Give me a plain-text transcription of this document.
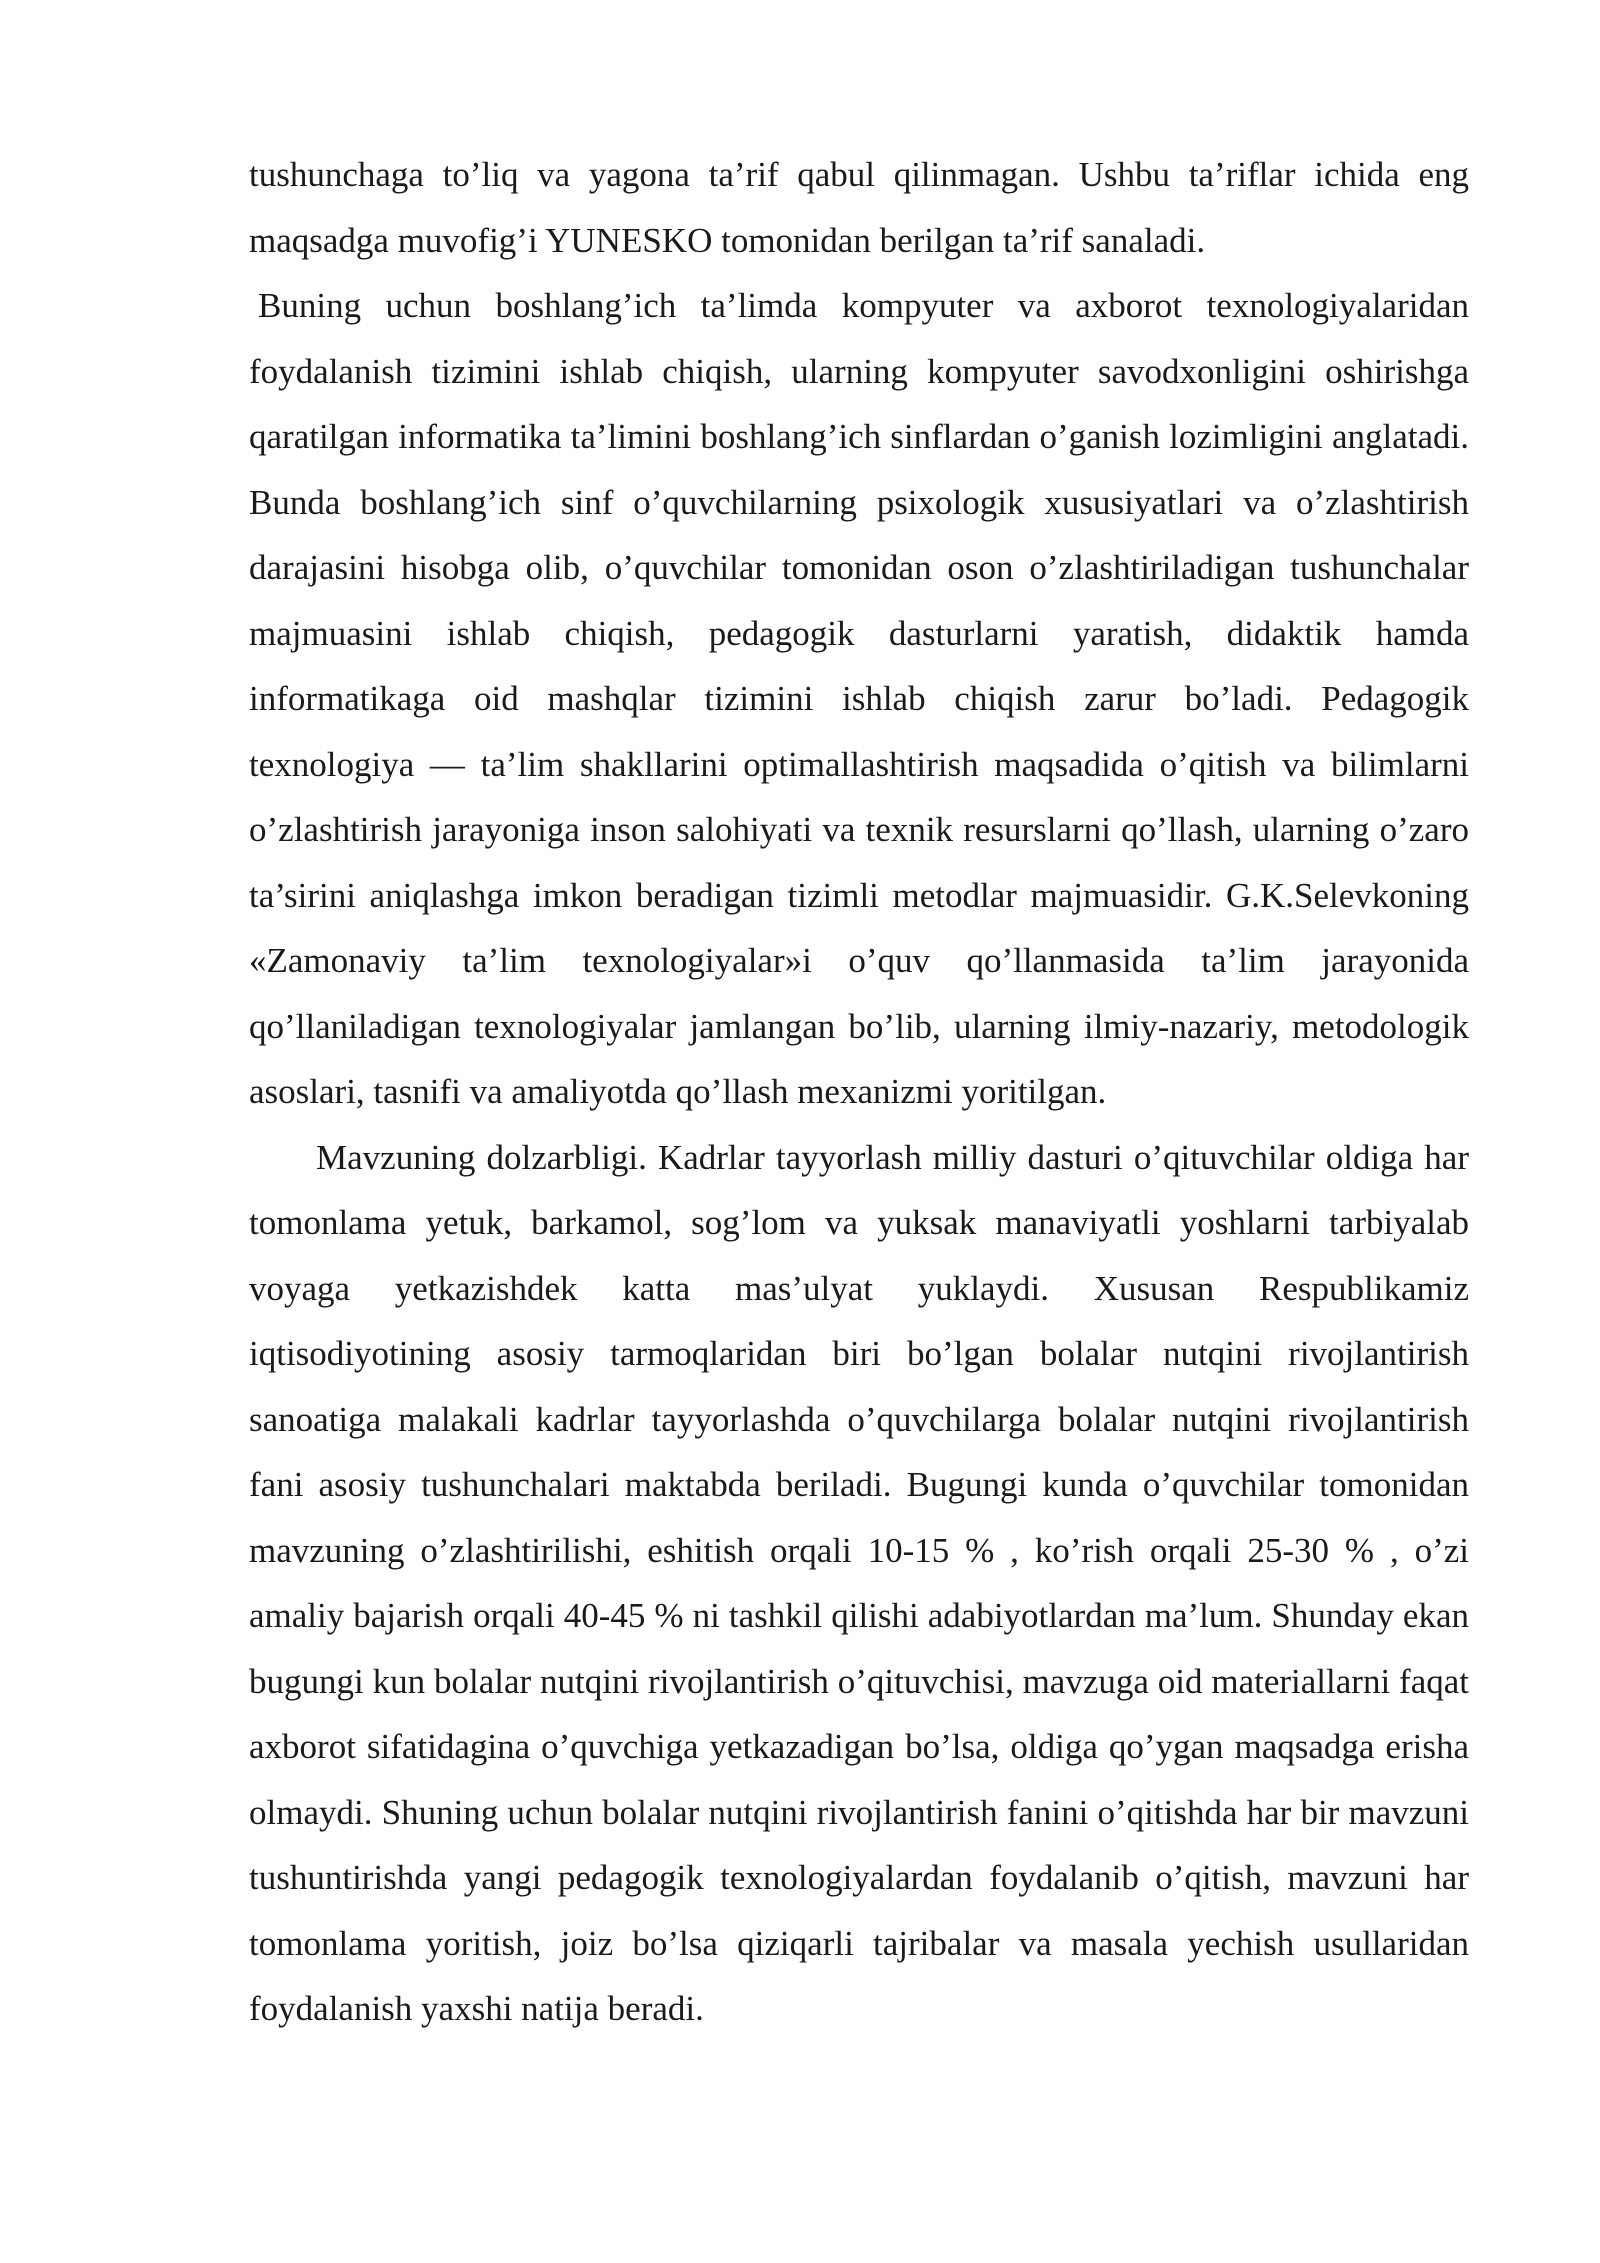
tushunchaga to’liq va yagona ta’rif qabul qilinmagan. Ushbu ta’riflar ichida eng maqsadga muvofig’i YUNESKO tomonidan berilgan ta’rif sanaladi.

Buning uchun boshlang’ich ta’limda kompyuter va axborot texnologiyalaridan foydalanish tizimini ishlab chiqish, ularning kompyuter savodxonligini oshirishga qaratilgan informatika ta’limini boshlang’ich sinflardan o’ganish lozimligini anglatadi. Bunda boshlang’ich sinf o’quvchilarning psixologik xususiyatlari va o’zlashtirish darajasini hisobga olib, o’quvchilar tomonidan oson o’zlashtiriladigan tushunchalar majmuasini ishlab chiqish, pedagogik dasturlarni yaratish, didaktik hamda informatikaga oid mashqlar tizimini ishlab chiqish zarur bo’ladi. Pedagogik texnologiya — ta’lim shakllarini optimallashtirish maqsadida o’qitish va bilimlarni o’zlashtirish jarayoniga inson salohiyati va texnik resurslarni qo’llash, ularning o’zaro ta’sirini aniqlashga imkon beradigan tizimli metodlar majmuasidir. G.K.Selevkoning «Zamonaviy ta’lim texnologiyalar»i o’quv qo’llanmasida ta’lim jarayonida qo’llaniladigan texnologiyalar jamlangan bo’lib, ularning ilmiy-nazariy, metodologik asoslari, tasnifi va amaliyotda qo’llash mexanizmi yoritilgan.

Mavzuning dolzarbligi. Kadrlar tayyorlash milliy dasturi o’qituvchilar oldiga har tomonlama yetuk, barkamol, sog’lom va yuksak manaviyatli yoshlarni tarbiyalab voyaga yetkazishdek katta mas’ulyat yuklaydi. Xususan Respublikamiz iqtisodiyotining asosiy tarmoqlaridan biri bo’lgan bolalar nutqini rivojlantirish sanoatiga malakali kadrlar tayyorlashda o’quvchilarga bolalar nutqini rivojlantirish fani asosiy tushunchalari maktabda beriladi. Bugungi kunda o’quvchilar tomonidan mavzuning o’zlashtirilishi, eshitish orqali 10-15 % , ko’rish orqali 25-30 % , o’zi amaliy bajarish orqali 40-45 % ni tashkil qilishi adabiyotlardan ma’lum. Shunday ekan bugungi kun bolalar nutqini rivojlantirish o’qituvchisi, mavzuga oid materiallarni faqat axborot sifatidagina o’quvchiga yetkazadigan bo’lsa, oldiga qo’ygan maqsadga erisha olmaydi. Shuning uchun bolalar nutqini rivojlantirish fanini o’qitishda har bir mavzuni tushuntirishda yangi pedagogik texnologiyalardan foydalanib o’qitish, mavzuni har tomonlama yoritish, joiz bo’lsa qiziqarli tajribalar va masala yechish usullaridan foydalanish yaxshi natija beradi.
